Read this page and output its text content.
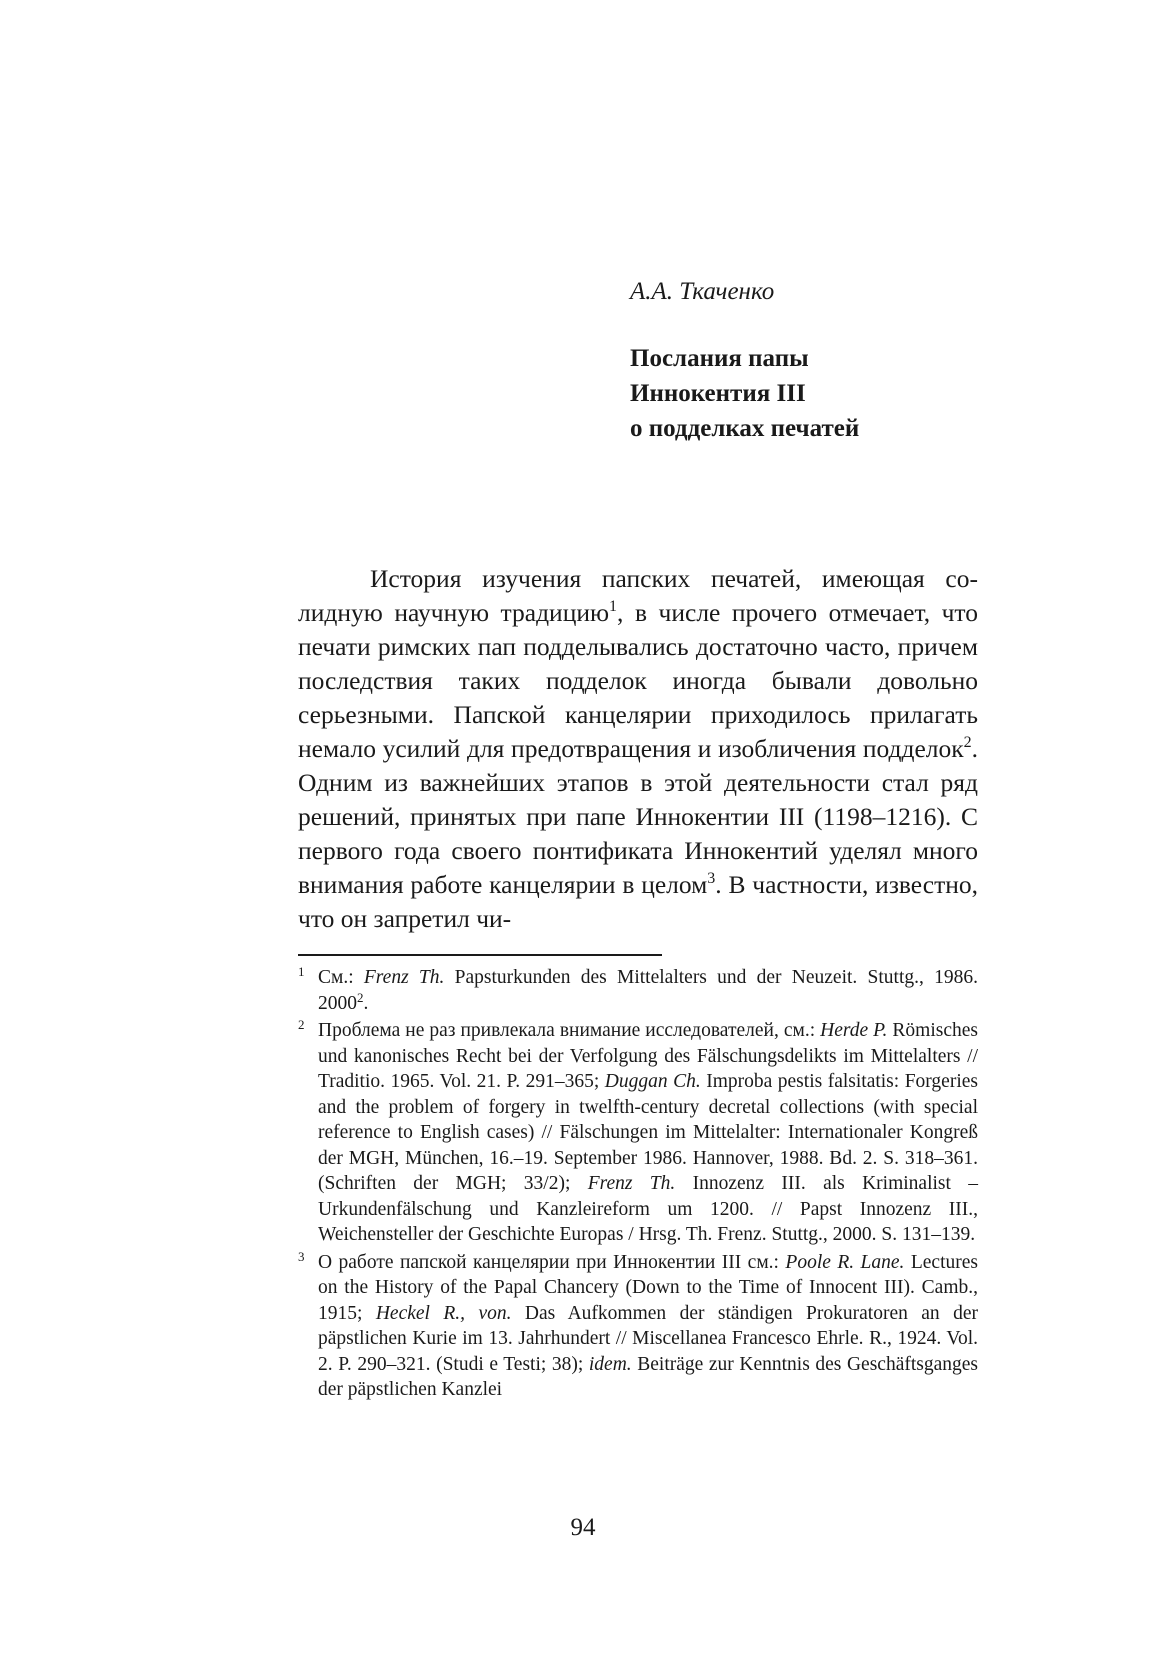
А.А. Ткаченко
Послания папы
Иннокентия III
о подделках печатей

История изучения папских печатей, имеющая солидную научную традицию$^1$, в числе прочего отмечает, что печати римских пап подделывались достаточно часто, причем последствия таких подделок иногда бывали довольно серьезными. Папской канцелярии приходилось прилагать немало усилий для предотвращения и изобличения подделок$^2$. Одним из важнейших этапов в этой деятельности стал ряд решений, принятых при папе Иннокентии III (1198–1216). С первого года своего понтификата Иннокентий уделял много внимания работе канцелярии в целом$^3$. В частности, известно, что он запретил чи-

$^1$ См.: Frenz Th. Papsturkunden des Mittelalters und der Neuzeit. Stuttg., 1986. 2000$^2$.
$^2$ Проблема не раз привлекала внимание исследователей, см.: Herde P. Römisches und kanonisches Recht bei der Verfolgung des Fälschungsdelikts im Mittelalters // Traditio. 1965. Vol. 21. P. 291–365; Duggan Ch. Improba pestis falsitatis: Forgeries and the problem of forgery in twelfth-century decretal collections (with special reference to English cases) // Fälschungen im Mittelalter: Internationaler Kongreß der MGH, München, 16.–19. September 1986. Hannover, 1988. Bd. 2. S. 318–361. (Schriften der MGH; 33/2); Frenz Th. Innozenz III. als Kriminalist – Urkundenfälschung und Kanzleireform um 1200. // Papst Innozenz III., Weichensteller der Geschichte Europas / Hrsg. Th. Frenz. Stuttg., 2000. S. 131–139.
$^3$ О работе папской канцелярии при Иннокентии III см.: Poole R. Lane. Lectures on the History of the Papal Chancery (Down to the Time of Innocent III). Camb., 1915; Heckel R., von. Das Aufkommen der ständigen Prokuratoren an der päpstlichen Kurie im 13. Jahrhundert // Miscellanea Francesco Ehrle. R., 1924. Vol. 2. P. 290–321. (Studi e Testi; 38); idem. Beiträge zur Kenntnis des Geschäftsganges der päpstlichen Kanzlei
94
